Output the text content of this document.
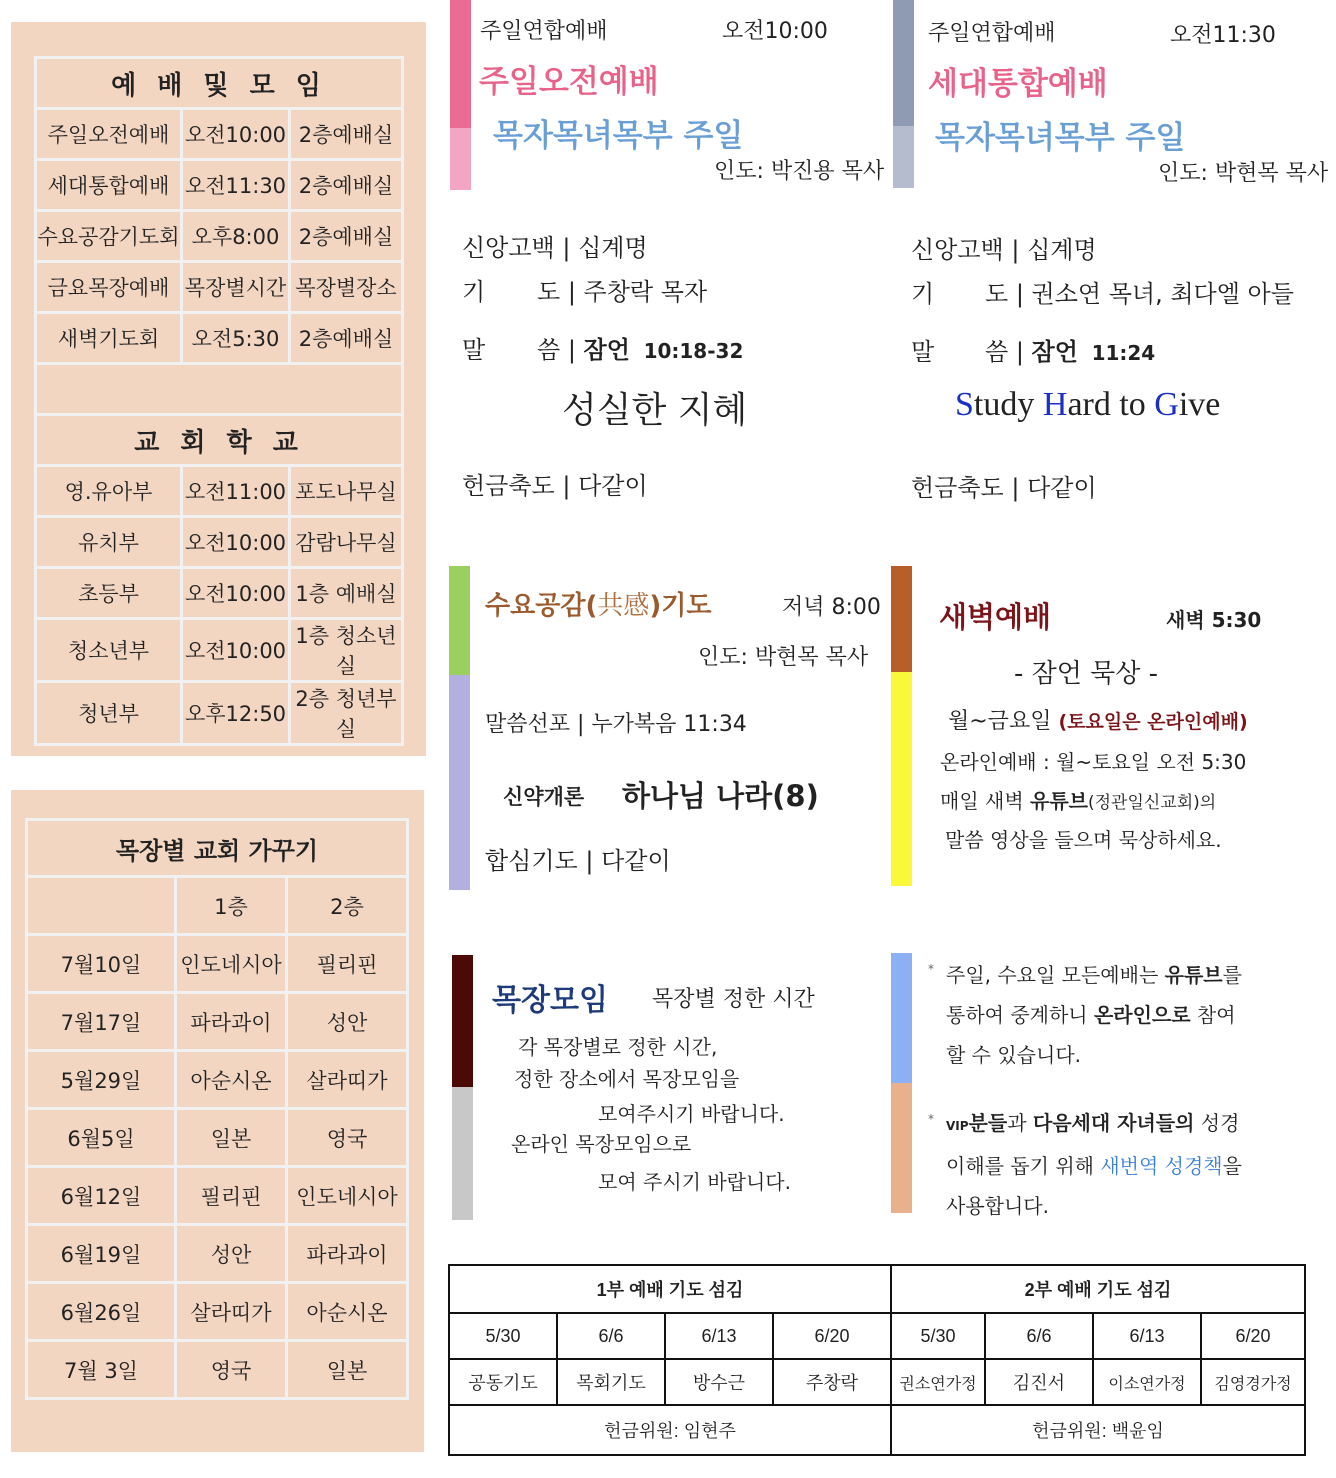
예 배 및 모 임		
주일오전예배	오전10:00	2층예배실
세대통합예배	오전11:30	2층예배실
수요공감기도회	오후8:00	2층예배실
금요목장예배	목장별시간	목장별장소
새벽기도회	오전5:30	2층예배실

교 회 학 교		
영.유아부	오전11:00	포도나무실
유치부	오전10:00	감람나무실
초등부	오전10:00	1층 예배실
청소년부	오전10:00	1층 청소년실
청년부	오후12:50	2층 청년부실
목장별 교회 가꾸기		
	1층	2층
7월10일	인도네시아	필리핀
7월17일	파라과이	성안
5월29일	아순시온	살라띠가
6월5일	일본	영국
6월12일	필리핀	인도네시아
6월19일	성안	파라과이
6월26일	살라띠가	아순시온
7월 3일	영국	일본
주일연합예배	오전10:00
주일오전예배
목자목녀목부 주일
인도: 박진용 목사
신앙고백 | 십계명
기 도 | 주창락 목자
말 씀 | 잠언 10:18-32
성실한 지혜
헌금축도 | 다같이
주일연합예배	오전11:30
세대통합예배
목자목녀목부 주일
인도: 박현목 목사
신앙고백 | 십계명
기 도 | 권소연 목녀, 최다엘 아들
말 씀 | 잠언 11:24
Study Hard to Give
헌금축도 | 다같이
수요공감(共感)기도	저녁 8:00
인도: 박현목 목사
말씀선포 | 누가복음 11:34
신약개론 하나님 나라(8)
합심기도 | 다같이
새벽예배	새벽 5:30
- 잠언 묵상 -
월~금요일 (토요일은 온라인예배)
온라인예배 : 월~토요일 오전 5:30
매일 새벽 유튜브(정관일신교회)의
말씀 영상을 들으며 묵상하세요.
목장모임 목장별 정한 시간
각 목장별로 정한 시간,
정한 장소에서 목장모임을
모여주시기 바랍니다.
온라인 목장모임으로
모여 주시기 바랍니다.
* 주일, 수요일 모든예배는 유튜브를
통하여 중계하니 온라인으로 참여
할 수 있습니다.
* VIP분들과 다음세대 자녀들의 성경
이해를 돕기 위해 새번역 성경책을
사용합니다.
1부 예배 기도 섬김				2부 예배 기도 섬김			
5/30	6/6	6/13	6/20	5/30	6/6	6/13	6/20
공동기도	목회기도	방수근	주창락	권소연가정	김진서	이소연가정	김영경가정
헌금위원: 임현주				헌금위원: 백윤임			
